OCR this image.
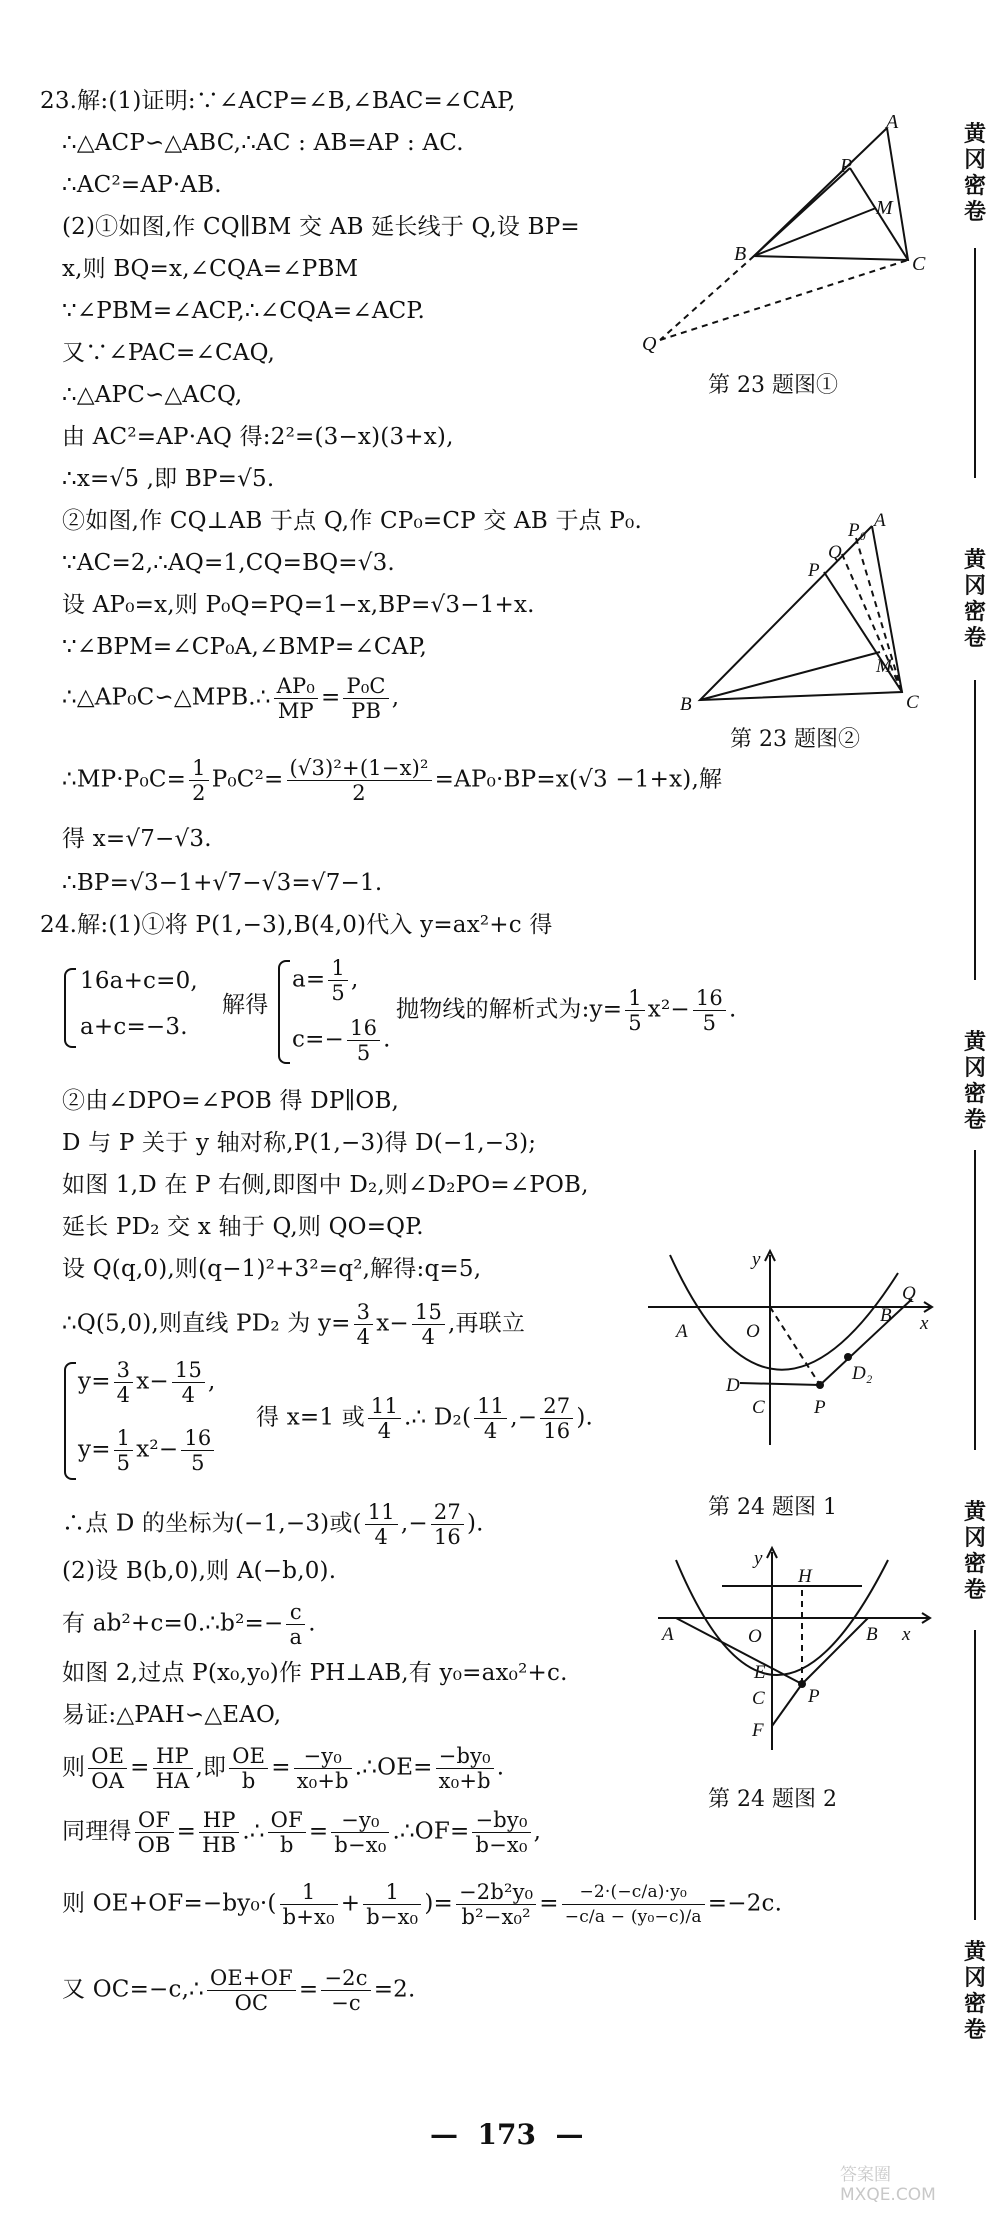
23.解:(1)证明:∵∠ACP=∠B,∠BAC=∠CAP,
∴△ACP∽△ABC,∴AC : AB=AP : AC.
∴AC²=AP·AB.
(2)①如图,作 CQ∥BM 交 AB 延长线于 Q,设 BP=
x,则 BQ=x,∠CQA=∠PBM
∵∠PBM=∠ACP,∴∠CQA=∠ACP.
又∵∠PAC=∠CAQ,
∴△APC∽△ACQ,
由 AC²=AP·AQ 得:2²=(3−x)(3+x),
∴x=√5 ,即 BP=√5.
②如图,作 CQ⊥AB 于点 Q,作 CP₀=CP 交 AB 于点 P₀.
∵AC=2,∴AQ=1,CQ=BQ=√3.
设 AP₀=x,则 P₀Q=PQ=1−x,BP=√3−1+x.
∵∠BPM=∠CP₀A,∠BMP=∠CAP,
∴△AP₀C∽△MPB.∴ $\frac{\text{AP₀}}{MP} = \frac{\text{P₀C}}{PB}$ ,
∴MP·P₀C= $\frac{1}{2} P_0C^2= \frac{\text{(√3)²+(1−x)²}}{2} =AP_0\cdot BP=x(√3 -1+x)$,解
得 x=√7−√3.
∴BP=√3−1+√7−√3=√7−1.
24.解:(1)①将 P(1,−3),B(4,0)代入 y=ax²+c 得
16a+c=0,
a+c=−3.
解得
$a= \frac{1}{5}$ ,
$c=- \frac{16}{5}$ .
抛物线的解析式为:y= $\frac{1}{5} x^2- \frac{16}{5}$ .
②由∠DPO=∠POB 得 DP∥OB,
D 与 P 关于 y 轴对称,P(1,−3)得 D(−1,−3);
如图 1,D 在 P 右侧,即图中 D₂,则∠D₂PO=∠POB,
延长 PD₂ 交 x 轴于 Q,则 QO=QP.
设 Q(q,0),则(q−1)²+3²=q²,解得:q=5,
∴Q(5,0),则直线 PD₂ 为 $y= \frac{3}{4} x- \frac{15}{4}$ ,再联立
$y= \frac{3}{4} x- \frac{15}{4}$ ,
$y= \frac{1}{5} x^2- \frac{16}{5}$
得 x=1 或 $\frac{11}{4}$ .∴ $D_2( \frac{11}{4}$ ,− $\frac{27}{16}$ ).
∴点 D 的坐标为(−1,−3)或( $\frac{11}{4}$ ,− $\frac{27}{16}$ ).
(2)设 B(b,0),则 A(−b,0).
有 ab²+c=0.∴b²=− $\frac{c}{a}$ .
如图 2,过点 P(x₀,y₀)作 PH⊥AB,有 y₀=ax₀²+c.
易证:△PAH∽△EAO,
则 $\frac{OE}{OA} = \frac{HP}{HA}$ ,即 $\frac{OE}{b} = \frac{\text{−y₀}}{\text{x₀+b}}$ .∴OE= $\frac{\text{−by₀}}{\text{x₀+b}}$ .
同理得 $\frac{OF}{OB} = \frac{HP}{HB}$ .∴ $\frac{OF}{b} = \frac{\text{−y₀}}{\text{b−x₀}}$ .∴OF= $\frac{\text{−by₀}}{\text{b−x₀}}$ ,
则 $OE+OF=-by_0\cdot( \frac{1}{\text{b+x₀}} + \frac{1}{\text{b−x₀}}$ )= $\frac{\text{−2b²y₀}}{\text{b²−x₀²}} = \frac{\text{−2·(−c/a)·y₀}}{\text{−c/a − (y₀−c)/a}} =-2c$.
又 OC=−c,∴ $\frac{OE+OF}{OC} = \frac{-2c}{-c} =2$.
A
P
M
B	C
Q
第 23 题图①
A
P₀
Q
P
M
B	C
第 23 题图②
y
A	O
Q
x
B
D
C	P
D₂
第 24 题图 1
y
H
A	O	B x
E
P
C
F
第 24 题图 2
黄
冈
密
卷
黄
冈
密
卷
黄
冈
密
卷
黄
冈
密
卷
黄
冈
密
卷
— 173 —
答案圈 MXQE.COM
